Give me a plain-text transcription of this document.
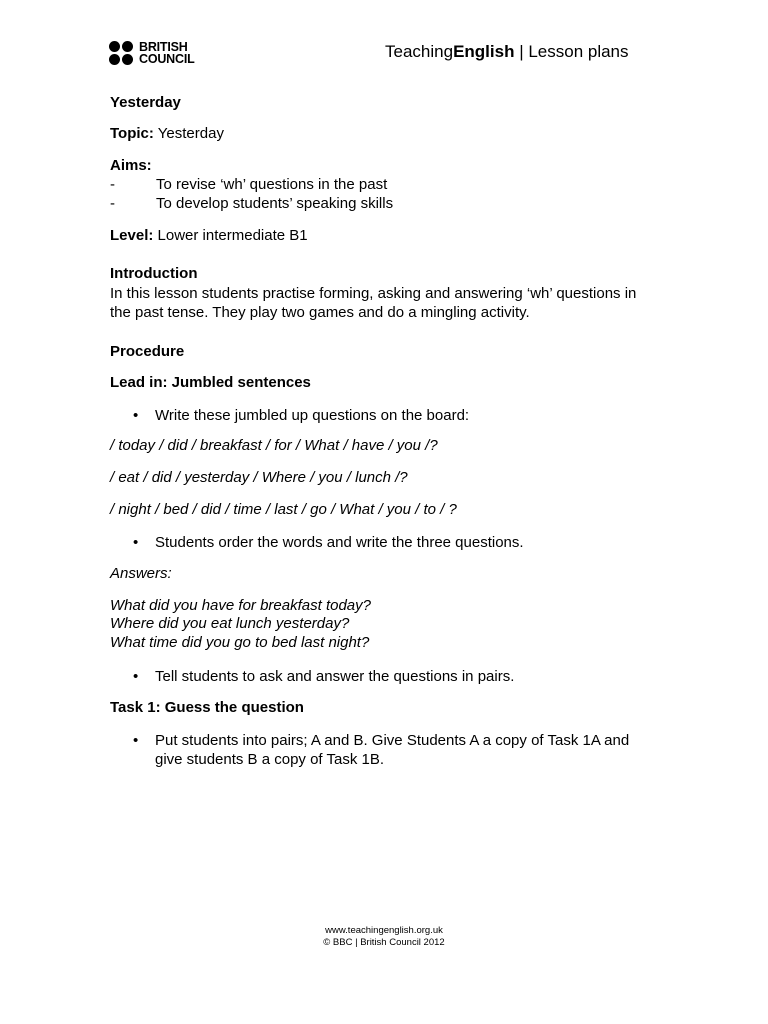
BRITISH
COUNCIL	TeachingEnglish | Lesson plans
Yesterday
Topic: Yesterday
Aims:
-	To revise ‘wh’ questions in the past
-	To develop students’ speaking skills
Level: Lower intermediate B1
Introduction
In this lesson students practise forming, asking and answering ‘wh’ questions in
the past tense. They play two games and do a mingling activity.
Procedure
Lead in: Jumbled sentences
• Write these jumbled up questions on the board:
/ today / did / breakfast / for / What / have / you /?
/ eat / did / yesterday / Where / you / lunch /?
/ night / bed / did / time / last / go / What / you / to / ?
• Students order the words and write the three questions.
Answers:
What did you have for breakfast today?
Where did you eat lunch yesterday?
What time did you go to bed last night?
• Tell students to ask and answer the questions in pairs.
Task 1: Guess the question
• Put students into pairs; A and B. Give Students A a copy of Task 1A and
give students B a copy of Task 1B.
www.teachingenglish.org.uk
© BBC | British Council 2012
